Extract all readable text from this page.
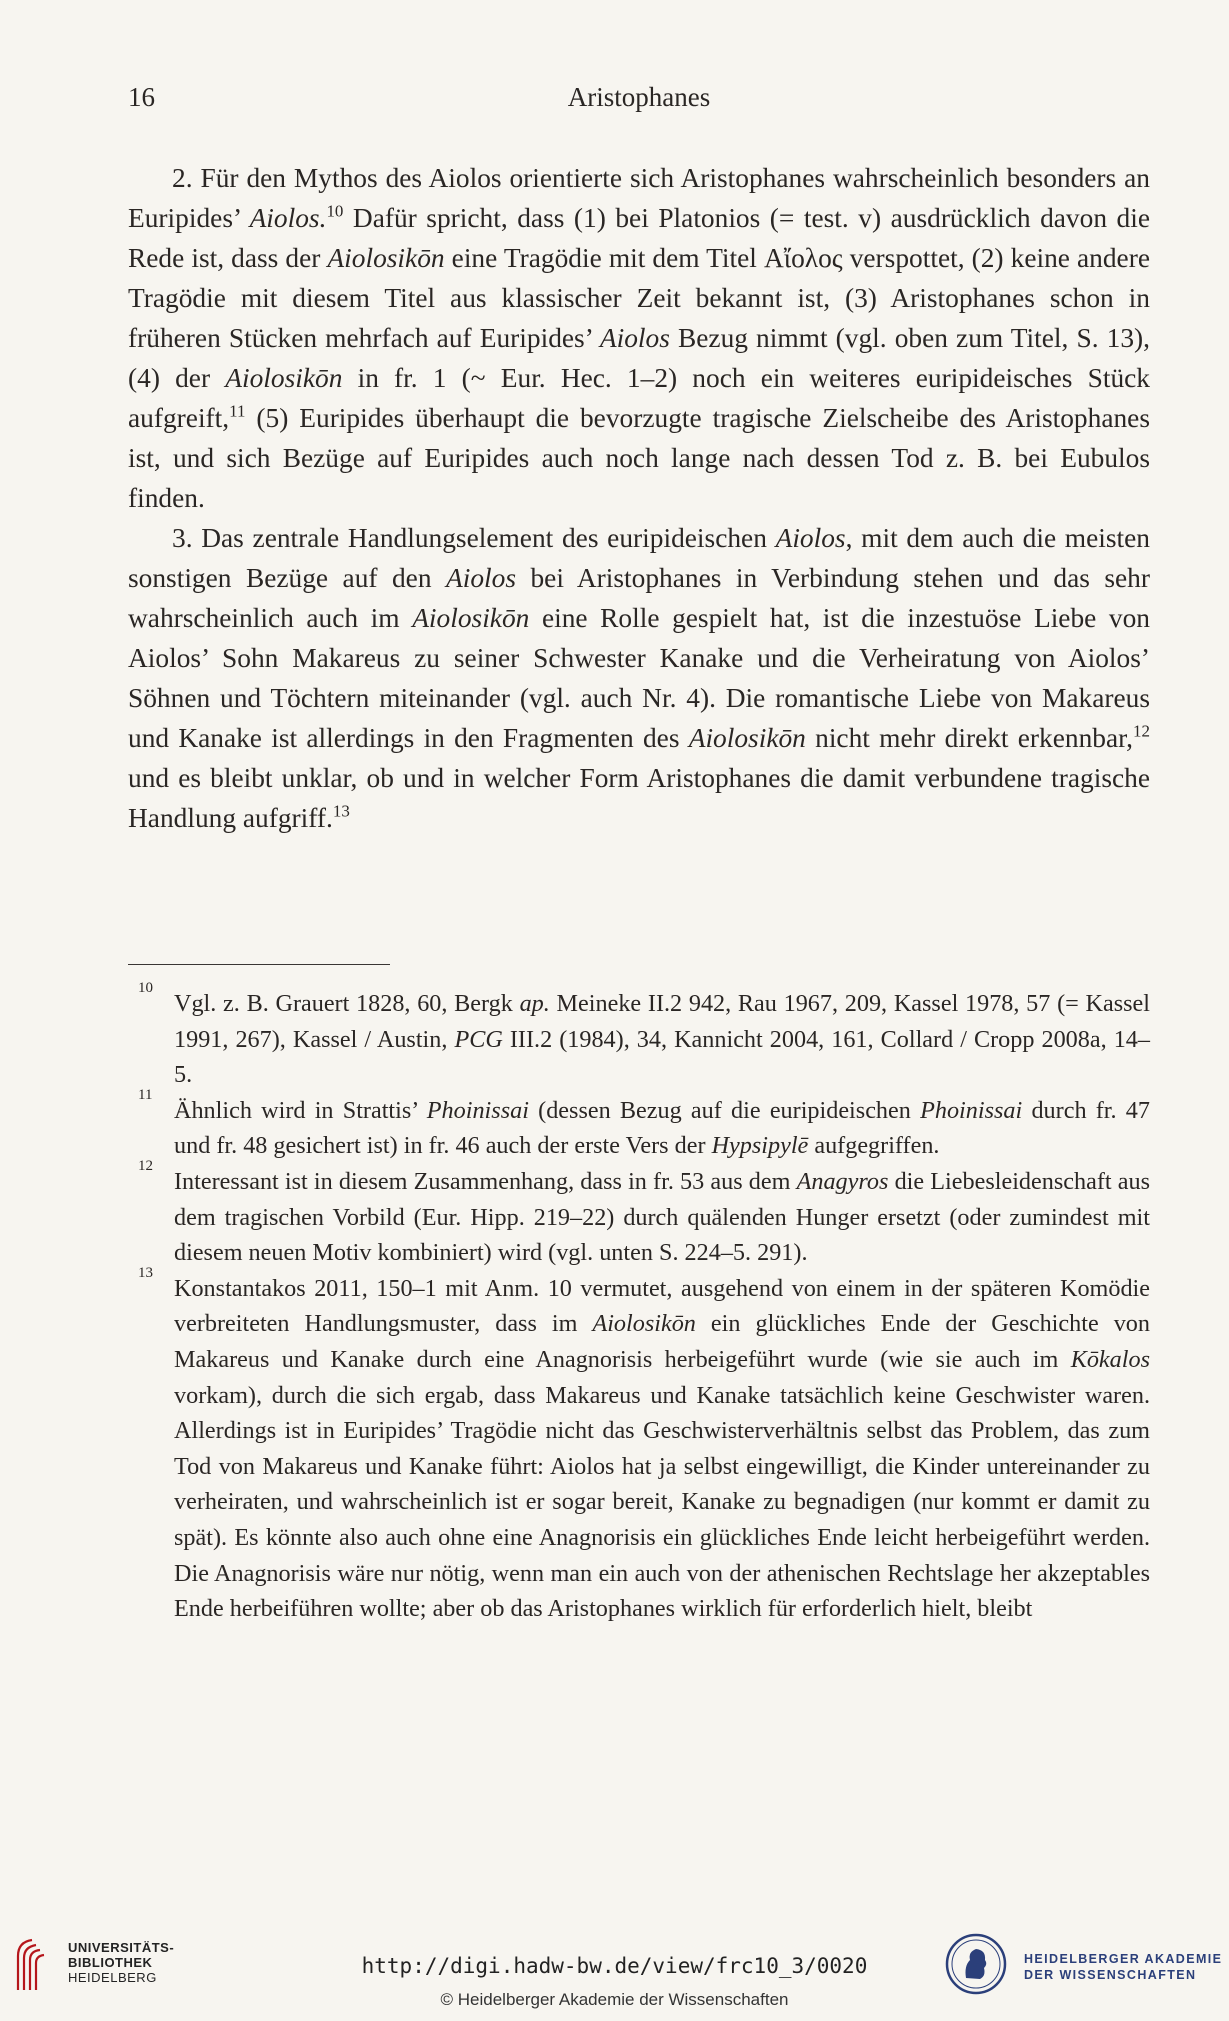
16	Aristophanes

2. Für den Mythos des Aiolos orientierte sich Aristophanes wahrscheinlich besonders an Euripides’ Aiolos.$^{10}$ Dafür spricht, dass (1) bei Platonios (= test. v) ausdrücklich davon die Rede ist, dass der Aiolosikōn eine Tragödie mit dem Titel Αἴολος verspottet, (2) keine andere Tragödie mit diesem Titel aus klassischer Zeit bekannt ist, (3) Aristophanes schon in früheren Stücken mehrfach auf Euripides’ Aiolos Bezug nimmt (vgl. oben zum Titel, S. 13), (4) der Aiolosikōn in fr. 1 (~ Eur. Hec. 1–2) noch ein weiteres euripideisches Stück aufgreift,$^{11}$ (5) Euripides überhaupt die bevorzugte tragische Zielscheibe des Aristophanes ist, und sich Bezüge auf Euripides auch noch lange nach dessen Tod z. B. bei Eubulos finden.

3. Das zentrale Handlungselement des euripideischen Aiolos, mit dem auch die meisten sonstigen Bezüge auf den Aiolos bei Aristophanes in Verbindung stehen und das sehr wahrscheinlich auch im Aiolosikōn eine Rolle gespielt hat, ist die inzestuöse Liebe von Aiolos’ Sohn Makareus zu seiner Schwester Kanake und die Verheiratung von Aiolos’ Söhnen und Töchtern miteinander (vgl. auch Nr. 4). Die romantische Liebe von Makareus und Kanake ist allerdings in den Fragmenten des Aiolosikōn nicht mehr direkt erkennbar,$^{12}$ und es bleibt unklar, ob und in welcher Form Aristophanes die damit verbundene tragische Handlung aufgriff.$^{13}$

10
Vgl. z. B. Grauert 1828, 60, Bergk ap. Meineke II.2 942, Rau 1967, 209, Kassel 1978, 57 (= Kassel 1991, 267), Kassel / Austin, PCG III.2 (1984), 34, Kannicht 2004, 161, Collard / Cropp 2008a, 14–5.
11
Ähnlich wird in Strattis’ Phoinissai (dessen Bezug auf die euripideischen Phoinissai durch fr. 47 und fr. 48 gesichert ist) in fr. 46 auch der erste Vers der Hypsipylē aufgegriffen.
12
Interessant ist in diesem Zusammenhang, dass in fr. 53 aus dem Anagyros die Liebesleidenschaft aus dem tragischen Vorbild (Eur. Hipp. 219–22) durch quälenden Hunger ersetzt (oder zumindest mit diesem neuen Motiv kombiniert) wird (vgl. unten S. 224–5. 291).
13
Konstantakos 2011, 150–1 mit Anm. 10 vermutet, ausgehend von einem in der späteren Komödie verbreiteten Handlungsmuster, dass im Aiolosikōn ein glückliches Ende der Geschichte von Makareus und Kanake durch eine Anagnorisis herbeigeführt wurde (wie sie auch im Kōkalos vorkam), durch die sich ergab, dass Makareus und Kanake tatsächlich keine Geschwister waren. Allerdings ist in Euripides’ Tragödie nicht das Geschwisterverhältnis selbst das Problem, das zum Tod von Makareus und Kanake führt: Aiolos hat ja selbst eingewilligt, die Kinder untereinander zu verheiraten, und wahrscheinlich ist er sogar bereit, Kanake zu begnadigen (nur kommt er damit zu spät). Es könnte also auch ohne eine Anagnorisis ein glückliches Ende leicht herbeigeführt werden. Die Anagnorisis wäre nur nötig, wenn man ein auch von der athenischen Rechtslage her akzeptables Ende herbeiführen wollte; aber ob das Aristophanes wirklich für erforderlich hielt, bleibt
UNIVERSITÄTS-
BIBLIOTHEK
HEIDELBERG	http://digi.hadw-bw.de/view/frc10_3/0020
© Heidelberger Akademie der Wissenschaften
HEIDELBERGER AKADEMIE
DER WISSENSCHAFTEN
